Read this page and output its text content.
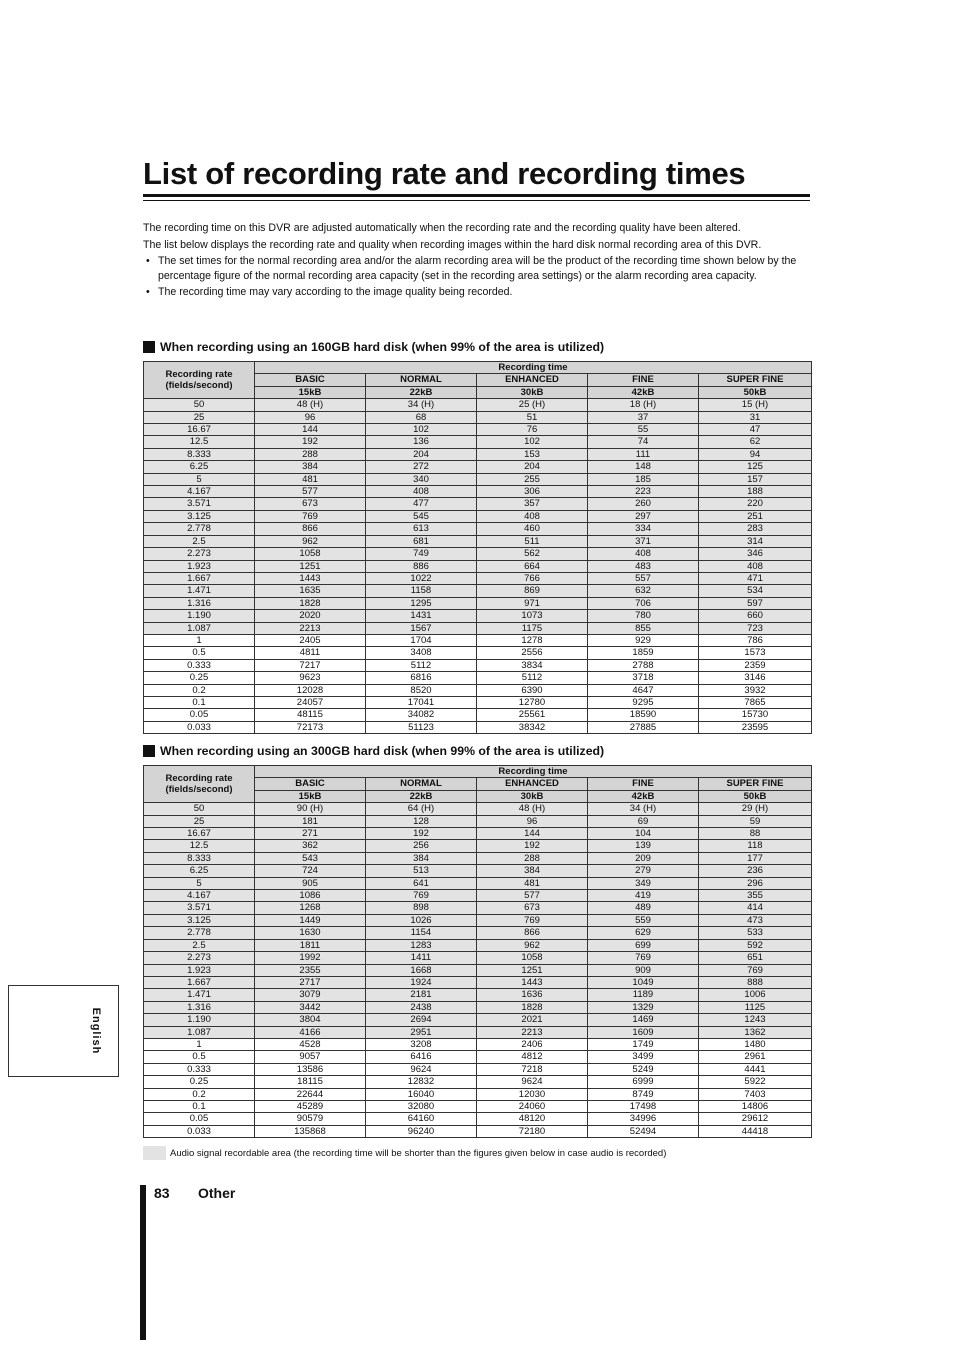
List of recording rate and recording times

The recording time on this DVR are adjusted automatically when the recording rate and the recording quality have been altered.

The list below displays the recording rate and quality when recording images within the hard disk normal recording area of this DVR.

• The set times for the normal recording area and/or the alarm recording area will be the product of the recording time shown below by the percentage figure of the normal recording area capacity (set in the recording area settings) or the alarm recording area capacity.
• The recording time may vary according to the image quality being recorded.
When recording using an 160GB hard disk (when 99% of the area is utilized)
Recording rate (fields/second)	Recording time				
	BASIC	NORMAL	ENHANCED	FINE	SUPER FINE
	15kB	22kB	30kB	42kB	50kB
50	48 (H)	34 (H)	25 (H)	18 (H)	15 (H)
25	96	68	51	37	31
16.67	144	102	76	55	47
12.5	192	136	102	74	62
8.333	288	204	153	111	94
6.25	384	272	204	148	125
5	481	340	255	185	157
4.167	577	408	306	223	188
3.571	673	477	357	260	220
3.125	769	545	408	297	251
2.778	866	613	460	334	283
2.5	962	681	511	371	314
2.273	1058	749	562	408	346
1.923	1251	886	664	483	408
1.667	1443	1022	766	557	471
1.471	1635	1158	869	632	534
1.316	1828	1295	971	706	597
1.190	2020	1431	1073	780	660
1.087	2213	1567	1175	855	723
1	2405	1704	1278	929	786
0.5	4811	3408	2556	1859	1573
0.333	7217	5112	3834	2788	2359
0.25	9623	6816	5112	3718	3146
0.2	12028	8520	6390	4647	3932
0.1	24057	17041	12780	9295	7865
0.05	48115	34082	25561	18590	15730
0.033	72173	51123	38342	27885	23595
When recording using an 300GB hard disk (when 99% of the area is utilized)
Recording rate (fields/second)	Recording time				
	BASIC	NORMAL	ENHANCED	FINE	SUPER FINE
	15kB	22kB	30kB	42kB	50kB
50	90 (H)	64 (H)	48 (H)	34 (H)	29 (H)
25	181	128	96	69	59
16.67	271	192	144	104	88
12.5	362	256	192	139	118
8.333	543	384	288	209	177
6.25	724	513	384	279	236
5	905	641	481	349	296
4.167	1086	769	577	419	355
3.571	1268	898	673	489	414
3.125	1449	1026	769	559	473
2.778	1630	1154	866	629	533
2.5	1811	1283	962	699	592
2.273	1992	1411	1058	769	651
1.923	2355	1668	1251	909	769
1.667	2717	1924	1443	1049	888
1.471	3079	2181	1636	1189	1006
1.316	3442	2438	1828	1329	1125
1.190	3804	2694	2021	1469	1243
1.087	4166	2951	2213	1609	1362
1	4528	3208	2406	1749	1480
0.5	9057	6416	4812	3499	2961
0.333	13586	9624	7218	5249	4441
0.25	18115	12832	9624	6999	5922
0.2	22644	16040	12030	8749	7403
0.1	45289	32080	24060	17498	14806
0.05	90579	64160	48120	34996	29612
0.033	135868	96240	72180	52494	44418
Audio signal recordable area (the recording time will be shorter than the figures given below in case audio is recorded)
English
83 Other
